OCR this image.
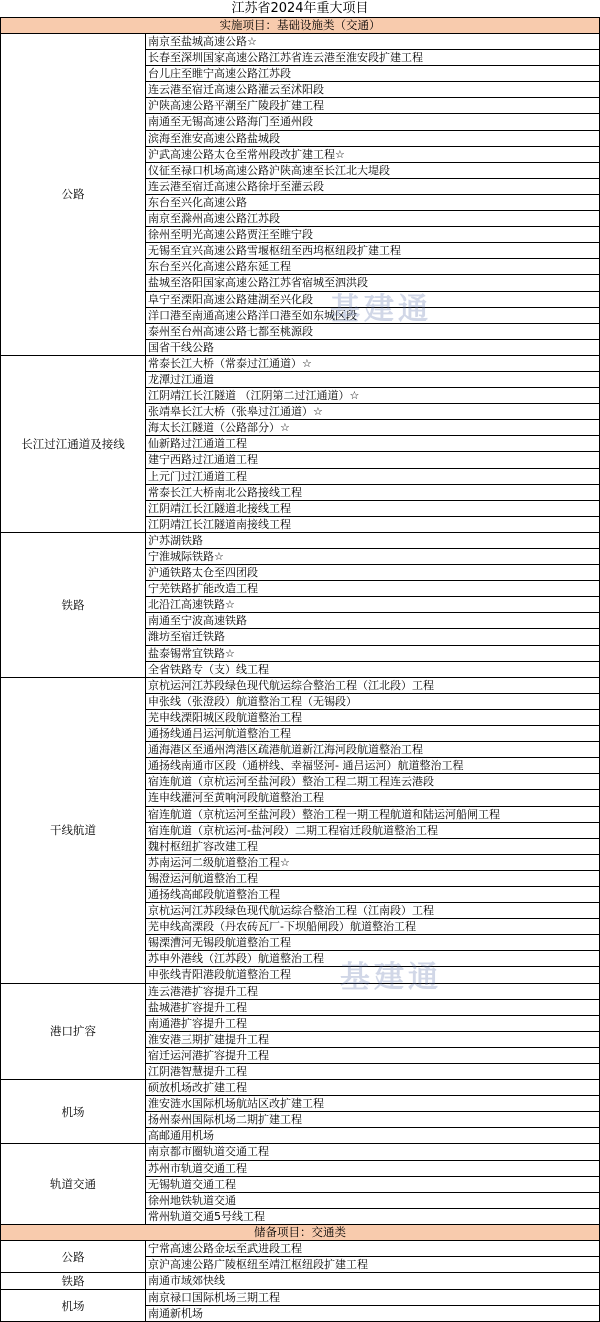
江苏省2024年重大项目
实施项目：基础设施类（交通）
公路
南京至盐城高速公路☆
长春至深圳国家高速公路江苏省连云港至淮安段扩建工程
台儿庄至睢宁高速公路江苏段
连云港至宿迁高速公路灌云至沭阳段
沪陕高速公路平潮至广陵段扩建工程
南通至无锡高速公路海门至通州段
滨海至淮安高速公路盐城段
沪武高速公路太仓至常州段改扩建工程☆
仪征至禄口机场高速公路沪陕高速至长江北大堤段
连云港至宿迁高速公路徐圩至灌云段
东台至兴化高速公路
南京至滁州高速公路江苏段
徐州至明光高速公路贾汪至睢宁段
无锡至宜兴高速公路雪堰枢纽至西坞枢纽段扩建工程
东台至兴化高速公路东延工程
盐城至洛阳国家高速公路江苏省宿城至泗洪段
阜宁至溧阳高速公路建湖至兴化段
洋口港至南通高速公路洋口港至如东城区段
泰州至台州高速公路七都至桃源段
国省干线公路
长江过江通道及接线
常泰长江大桥（常泰过江通道）☆
龙潭过江通道
江阴靖江长江隧道 （江阴第二过江通道）☆
张靖皋长江大桥（张皋过江通道）☆
海太长江隧道（公路部分）☆
仙新路过江通道工程
建宁西路过江通道工程
上元门过江通道工程
常泰长江大桥南北公路接线工程
江阴靖江长江隧道北接线工程
江阴靖江长江隧道南接线工程
铁路
沪苏湖铁路
宁淮城际铁路☆
沪通铁路太仓至四团段
宁芜铁路扩能改造工程
北沿江高速铁路☆
南通至宁波高速铁路
潍坊至宿迁铁路
盐泰锡常宜铁路☆
全省铁路专（支）线工程
干线航道
京杭运河江苏段绿色现代航运综合整治工程（江北段）工程
申张线（张澄段）航道整治工程（无锡段）
芜申线溧阳城区段航道整治工程
通扬线通吕运河航道整治工程
通海港区至通州湾港区疏港航道新江海河段航道整治工程
通扬线南通市区段（通栟线、幸福竖河- 通吕运河）航道整治工程
宿连航道（京杭运河至盐河段）整治工程二期工程连云港段
连申线灌河至黄响河段航道整治工程
宿连航道（京杭运河至盐河段）整治工程一期工程航道和陆运河船闸工程
宿连航道（京杭运河-盐河段）二期工程宿迁段航道整治工程
魏村枢纽扩容改建工程
苏南运河二级航道整治工程☆
锡澄运河航道整治工程
通扬线高邮段航道整治工程
京杭运河江苏段绿色现代航运综合整治工程（江南段）工程
芜申线高溧段（丹农砖瓦厂-下坝船闸段）航道整治工程
锡溧漕河无锡段航道整治工程
苏申外港线（江苏段）航道整治工程
申张线青阳港段航道整治工程
港口扩容
连云港港扩容提升工程
盐城港扩容提升工程
南通港扩容提升工程
淮安港三期扩建提升工程
宿迁运河港扩容提升工程
江阴港智慧提升工程
机场
硕放机场改扩建工程
淮安涟水国际机场航站区改扩建工程
扬州泰州国际机场二期扩建工程
高邮通用机场
轨道交通
南京都市圈轨道交通工程
苏州市轨道交通工程
无锡轨道交通工程
徐州地铁轨道交通
常州轨道交通5号线工程
储备项目：交通类
公路
宁常高速公路金坛至武进段工程
京沪高速公路广陵枢纽至靖江枢纽段扩建工程
铁路	南通市域郊快线
机场
南京禄口国际机场三期工程
南通新机场
基建通
基建通
